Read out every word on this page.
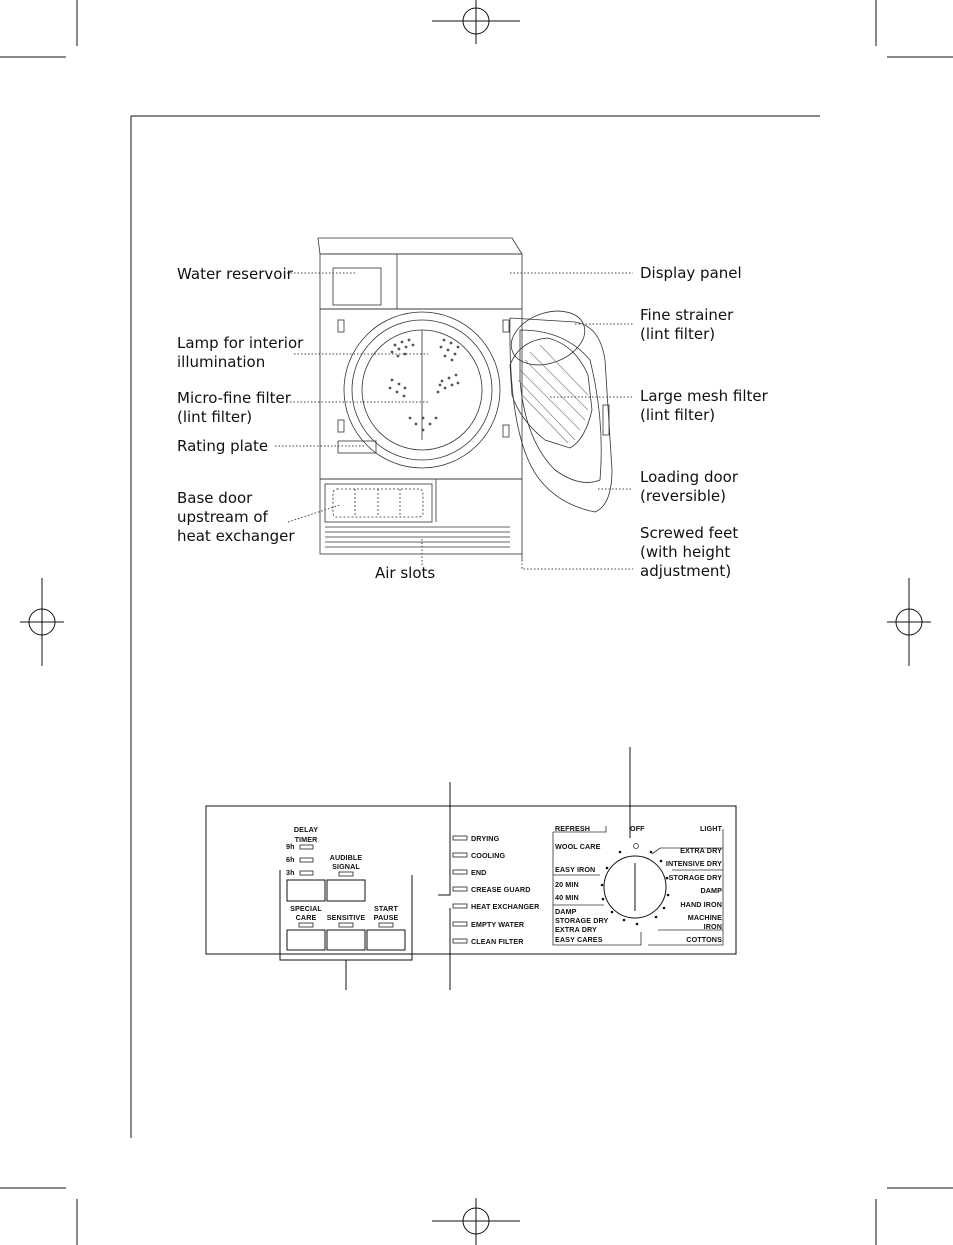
Water reservoir
Lamp for interior
illumination
Micro-fine filter
(lint filter)
Rating plate
Base door
upstream of
heat exchanger
Air slots
Display panel
Fine strainer
(lint filter)
Large mesh filter
(lint filter)
Loading door
(reversible)
Screwed feet
(with height
adjustment)
DELAY
TIMER
9h
6h
3h
AUDIBLE
SIGNAL
SPECIAL
CARE SENSITIVE
START
PAUSE
DRYING
COOLING
END
CREASE GUARD
HEAT EXCHANGER
EMPTY WATER
CLEAN FILTER
REFRESH	OFF	LIGHT
WOOL CARE	EXTRA DRY
INTENSIVE DRY
EASY IRON
STORAGE DRY
20 MIN
DAMP
40 MIN
HAND IRON
DAMP
MACHINE
STORAGE DRY
IRON
EXTRA DRY
EASY CARES	COTTONS
